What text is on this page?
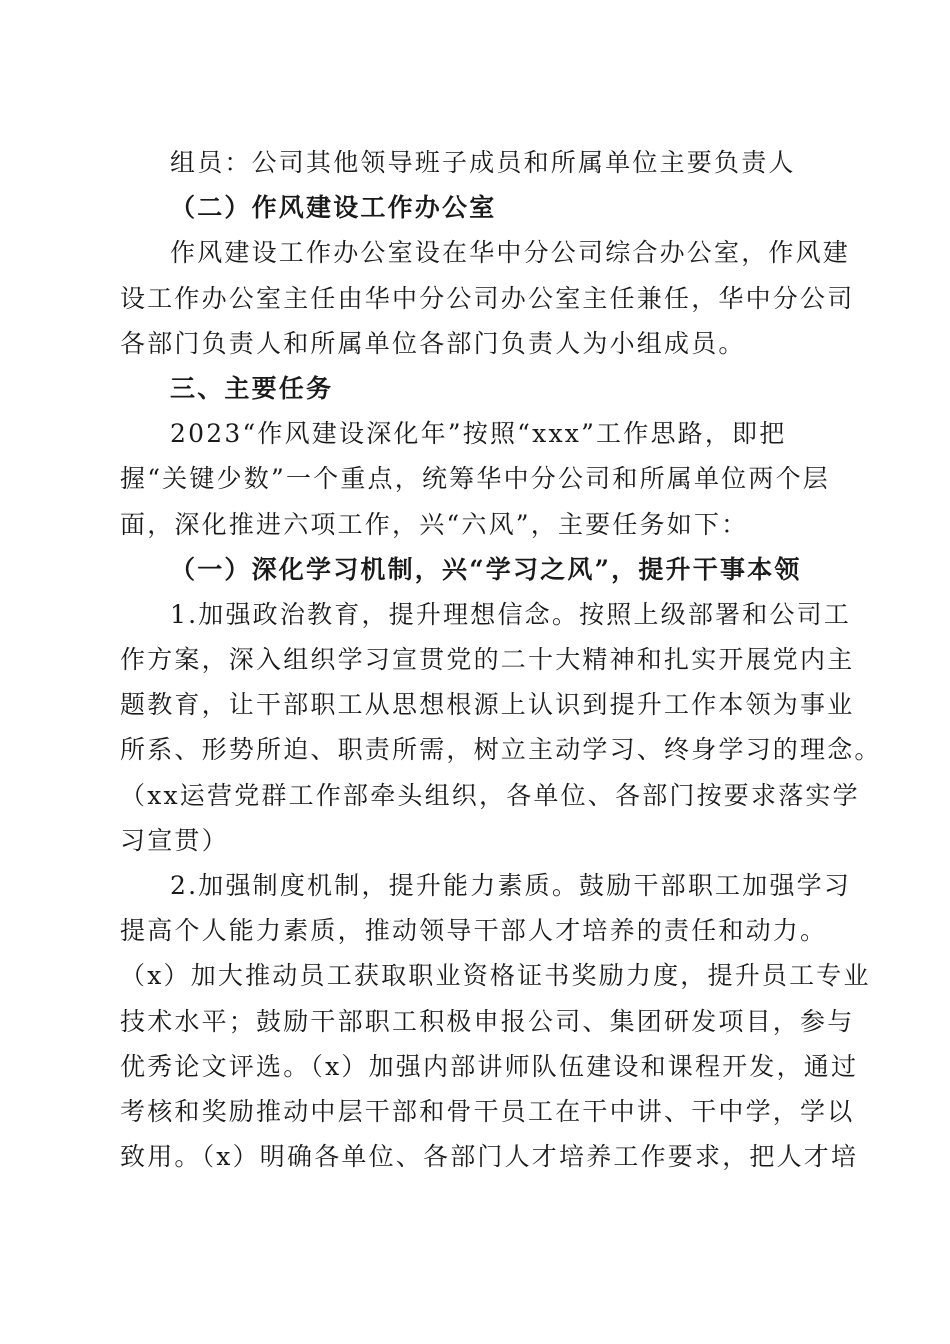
组员：公司其他领导班子成员和所属单位主要负责人
（二）作风建设工作办公室
作风建设工作办公室设在华中分公司综合办公室，作风建
设工作办公室主任由华中分公司办公室主任兼任，华中分公司
各部门负责人和所属单位各部门负责人为小组成员。
三、主要任务
2023“作风建设深化年”按照“xxx”工作思路，即把
握“关键少数”一个重点，统筹华中分公司和所属单位两个层
面，深化推进六项工作，兴“六风”，主要任务如下：
（一）深化学习机制，兴“学习之风”，提升干事本领
1.加强政治教育，提升理想信念。按照上级部署和公司工
作方案，深入组织学习宣贯党的二十大精神和扎实开展党内主
题教育，让干部职工从思想根源上认识到提升工作本领为事业
所系、形势所迫、职责所需，树立主动学习、终身学习的理念。
（xx运营党群工作部牵头组织，各单位、各部门按要求落实学
习宣贯）
2.加强制度机制，提升能力素质。鼓励干部职工加强学习
提高个人能力素质，推动领导干部人才培养的责任和动力。
（x）加大推动员工获取职业资格证书奖励力度，提升员工专业
技术水平；鼓励干部职工积极申报公司、集团研发项目，参与
优秀论文评选。（x）加强内部讲师队伍建设和课程开发，通过
考核和奖励推动中层干部和骨干员工在干中讲、干中学，学以
致用。（x）明确各单位、各部门人才培养工作要求，把人才培
